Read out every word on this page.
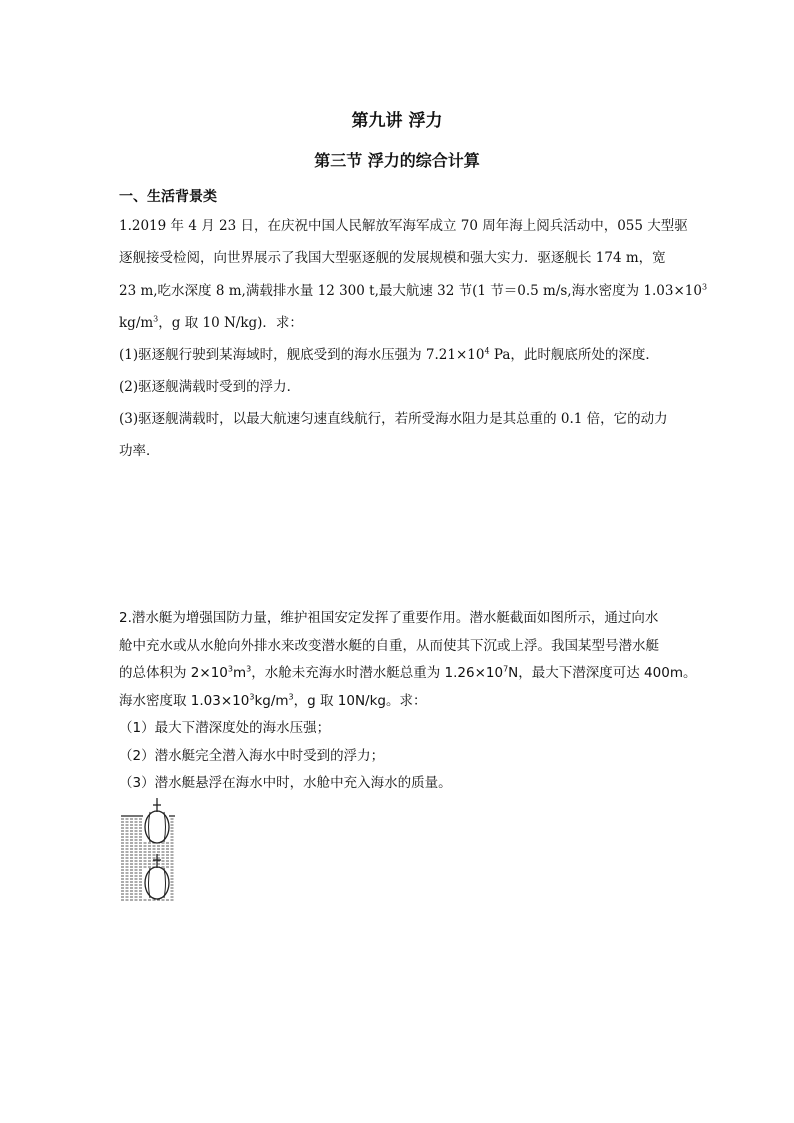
第九讲 浮力
第三节 浮力的综合计算
一、生活背景类
1.2019 年 4 月 23 日，在庆祝中国人民解放军海军成立 70 周年海上阅兵活动中，055 大型驱
逐舰接受检阅，向世界展示了我国大型驱逐舰的发展规模和强大实力．驱逐舰长 174 m，宽
23 m,吃水深度 8 m,满载排水量 12 300 t,最大航速 32 节(1 节＝0.5 m/s,海水密度为 $1.03\times 10^3$
$kg/m^3$，g 取 10 N/kg)．求：
(1)驱逐舰行驶到某海域时，舰底受到的海水压强为 $7.21\times 10^4$ Pa，此时舰底所处的深度．
(2)驱逐舰满载时受到的浮力．
(3)驱逐舰满载时，以最大航速匀速直线航行，若所受海水阻力是其总重的 0.1 倍，它的动力
功率．
2.潜水艇为增强国防力量，维护祖国安定发挥了重要作用。潜水艇截面如图所示，通过向水
舱中充水或从水舱向外排水来改变潜水艇的自重，从而使其下沉或上浮。我国某型号潜水艇
的总体积为 $2\times 10^3m^3$，水舱未充海水时潜水艇总重为 $1.26\times 10^7N$，最大下潜深度可达 400m。
海水密度取 $1.03\times 10^3kg/m^3$，g 取 10N/kg。求：
（1）最大下潜深度处的海水压强；
（2）潜水艇完全潜入海水中时受到的浮力；
（3）潜水艇悬浮在海水中时，水舱中充入海水的质量。
